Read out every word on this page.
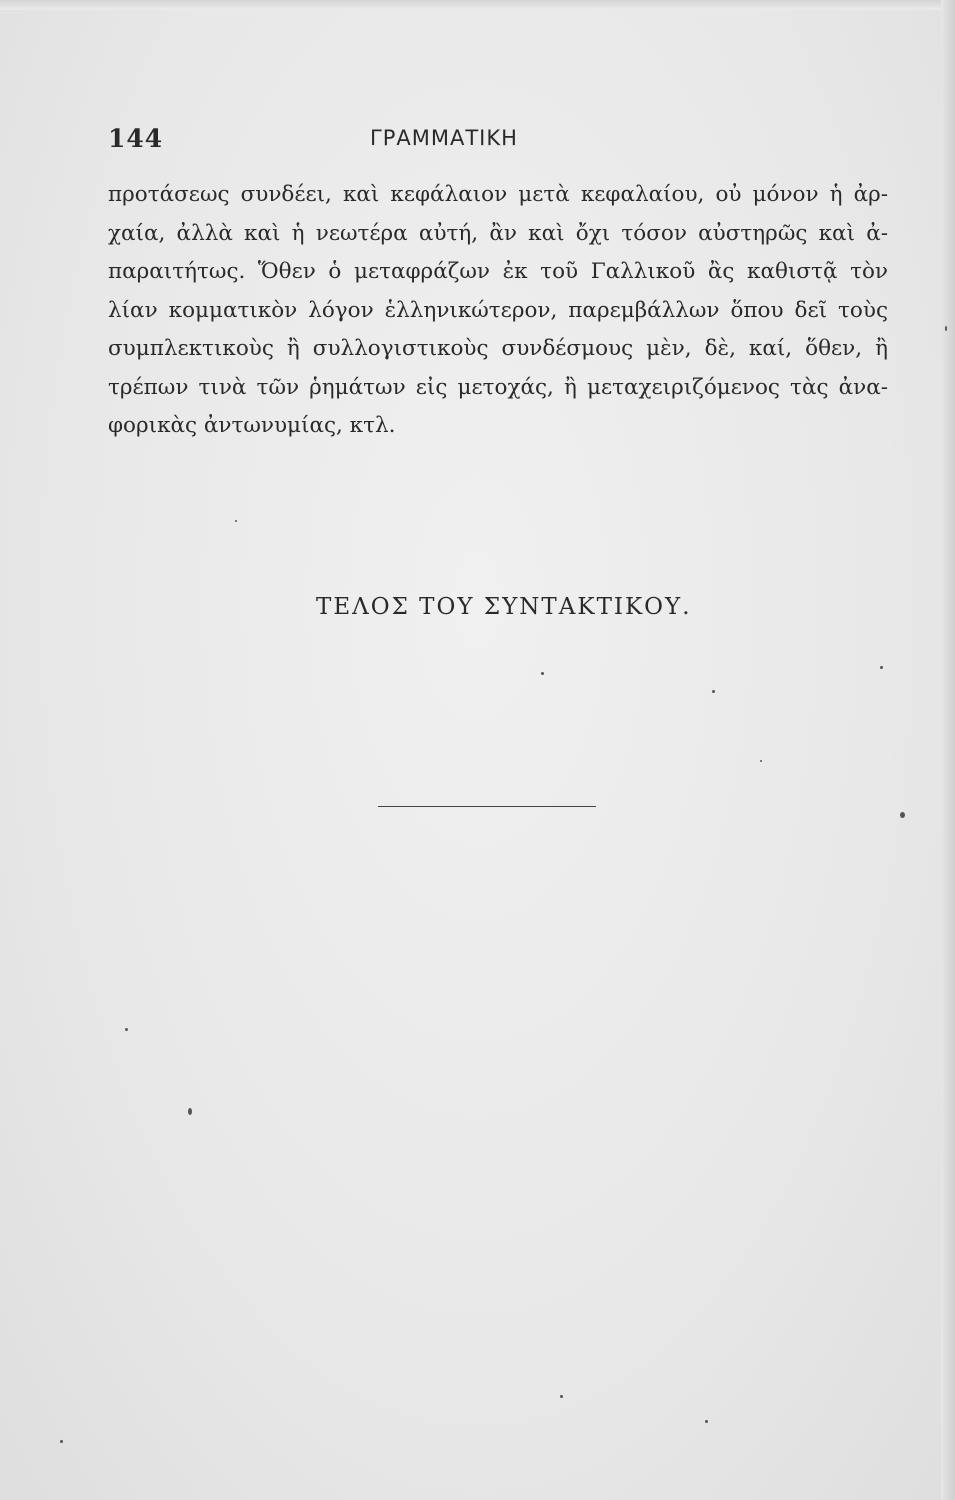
144	ΓΡΑΜΜΑΤΙΚΗ
προτάσεως συνδέει, καὶ κεφάλαιον μετὰ κεφαλαίου, οὐ μόνον ἡ ἀρ-
χαία, ἀλλὰ καὶ ἡ νεωτέρα αὐτή, ἂν καὶ ὄχι τόσον αὐστηρῶς καὶ ἀ-
παραιτήτως. Ὅθεν ὁ μεταφράζων ἐκ τοῦ Γαλλικοῦ ἂς καθιστᾷ τὸν
λίαν κομματικὸν λόγον ἑλληνικώτερον, παρεμβάλλων ὅπου δεῖ τοὺς
συμπλεκτικοὺς ἢ συλλογιστικοὺς συνδέσμους μὲν, δὲ, καί, ὅθεν, ἢ
τρέπων τινὰ τῶν ῥημάτων εἰς μετοχάς, ἢ μεταχειριζόμενος τὰς ἀνα-
φορικὰς ἀντωνυμίας, κτλ.
ΤΕΛΟΣ ΤΟΥ ΣΥΝΤΑΚΤΙΚΟΥ.
